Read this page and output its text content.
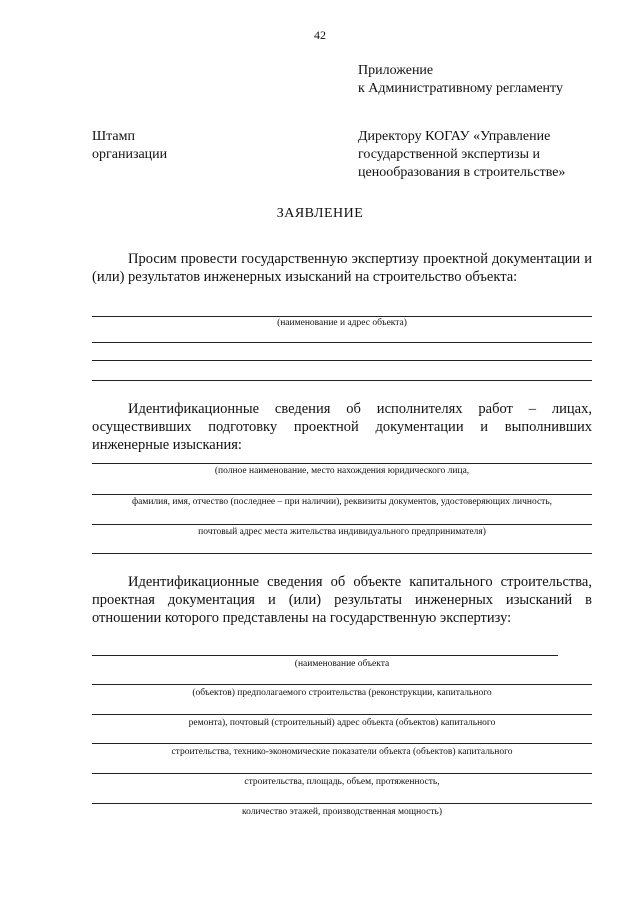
42
Приложение
к Административному регламенту
Штамп
организации
Директору КОГАУ «Управление
государственной экспертизы и
ценообразования в строительстве»
ЗАЯВЛЕНИЕ
Просим провести государственную экспертизу проектной документации и (или) результатов инженерных изысканий на строительство объекта:
(наименование и адрес объекта)
Идентификационные сведения об исполнителях работ – лицах, осуществивших подготовку проектной документации и выполнивших инженерные изыскания:
(полное наименование, место нахождения юридического лица,
фамилия, имя, отчество (последнее – при наличии), реквизиты документов, удостоверяющих личность,
почтовый адрес места жительства индивидуального предпринимателя)
Идентификационные сведения об объекте капитального строительства, проектная документация и (или) результаты инженерных изысканий в отношении которого представлены на государственную экспертизу:
(наименование объекта
(объектов) предполагаемого строительства (реконструкции, капитального
ремонта), почтовый (строительный) адрес объекта (объектов) капитального
строительства, технико-экономические показатели объекта (объектов) капитального
строительства, площадь, объем, протяженность,
количество этажей, производственная мощность)
